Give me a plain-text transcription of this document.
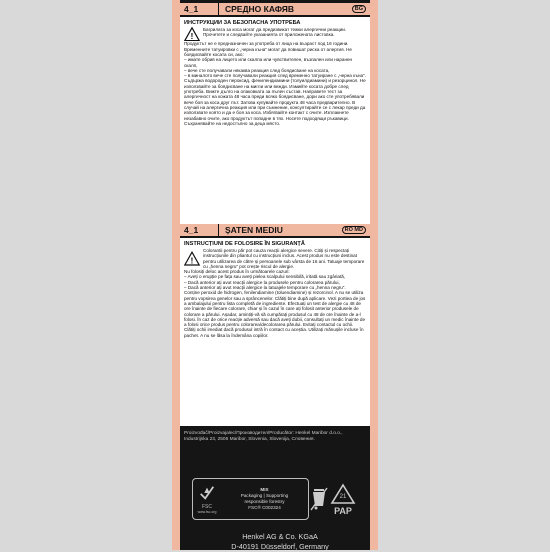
4_1	СРЕДНО КАФЯВ	BG
ИНСТРУКЦИИ ЗА БЕЗОПАСНА УПОТРЕБА
!

Багрилата за коса могат да предизвикат тежки алергични реакции. Прочетете и следвайте указанията от приложената листовка.

Продуктът не е предназначен за употреба от лица на възраст под 16 години. Временните татуировки с „черна къна“ могат да повишат риска от алергия. Не боядисвайте косата си, ако:

– имате обрив на лицето или скалпа или чувствителен, възпален или наранен скалп,

– вече сте получавали някаква реакция след боядисване на косата,

– в миналото вече сте получавали реакция след временно татуиране с „черна къна“.

Съдържа водороден пероксид, фенилендиамини (толуилдиамини) и резорцинол. Не използвайте за боядисване на мигли или вежди. Измийте косата добре след употреба. Вижте дълго на опаковката за пълен състав. Направете тест за алергичност на кожата 48 часа преди всяко боядисване, дори ако сте употребявали вече боя за коса друг път. Затова купувайте продукта 48 часа предварително. В случай на алергична реакция или при съмнение, консултирайте се с лекар преди да използвате която и да е боя за коса. Избягвайте контакт с очите. Изплакнете незабавно очите, ако продуктът попадне в тях. Носете подходящи ръкавици. Съхранявайте на недостъпно за деца място.

4_1	ȘATEN MEDIU	RO MD
INSTRUCȚIUNI DE FOLOSIRE ÎN SIGURANȚĂ
!

Colorantii pentru păr pot cauza reacții alergice severe. Citiți și respectați instrucțiunile din pliantul cu instrucțiuni inclus. Acest produs nu este destinat pentru utilizarea de către și persoanele sub vârsta de 16 ani. Tatuaje temporare cu „henna negru“ pot crește riscul de alergie.

Nu folosiți deloc acest produs în următoarele cazuri:

– Aveți o erupție pe fața sau aveți pielea scalpului sensibilă, iritată sau zgâriată,

– Dacă anterior ați avut reacții alergice la produsele pentru colorarea părului,

– Dacă anterior ați avut reacții alergice la tatuajele temporare cu „henna negru“.

Conține peroxid de hidrogen, fenilendiamine (toluendiamine) și rezorcinol. A nu se utiliza pentru vopsirea genelor sau a sprâncenelor. Clătiți bine după aplicare. Vezi portiea de jos a ambalajului pentru lista completă de ingrediente. Efectuați un test de alergie cu 48 de ore înainte de fiecare colorare, chiar și în cazul în care ați folosit anterior produsele de colorare a părului. Așadar, amintiți-vă să cumpărați produsul cu 48 de ore înainte de a-l folosi. În caz de orice reacție adversă sau dacă aveți dubii, consultați un medic înainte de a folosi orice produs pentru colorarea/decolorarea părului. Evitați contactul cu ochii. Clătiți ochii imediat dacă produsul intră în contact cu aceștia. Utilizați mănușile incluse în pachet. A nu se lăsa la îndemâna copiilor.

Proizvođač/Proizvajalec/Производител/Producător: Henkel Maribor d.o.o., Industrijska 23, 2506 Maribor, Slovenia, Slovenija, Словения.
FSC
www.fsc.org
MIX
Packaging | Supporting
responsible forestry
FSC® C002324
21
PAP
Henkel AG & Co. KGaA
D-40191 Düsseldorf, Germany
